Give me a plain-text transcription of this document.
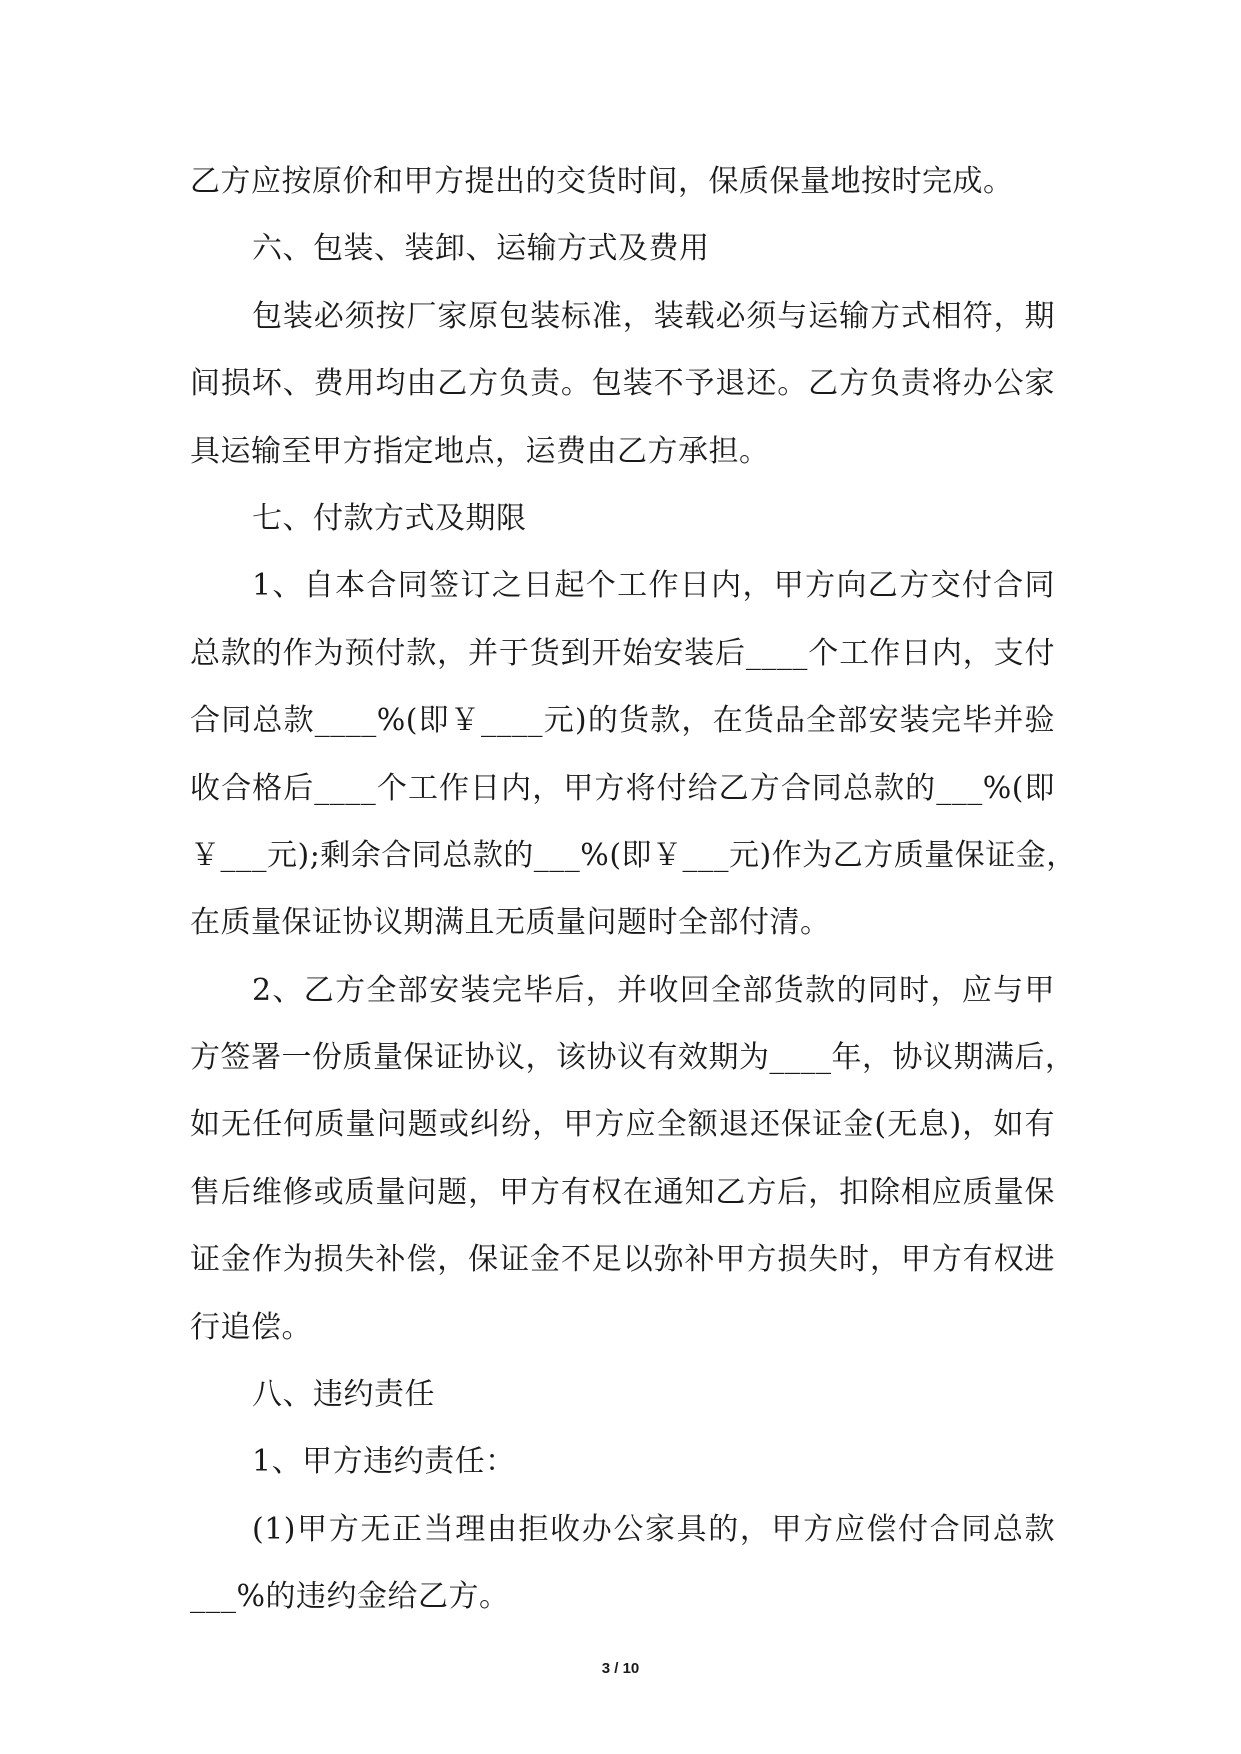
乙方应按原价和甲方提出的交货时间，保质保量地按时完成。
六、包装、装卸、运输方式及费用
包装必须按厂家原包装标准，装载必须与运输方式相符，期
间损坏、费用均由乙方负责。包装不予退还。乙方负责将办公家
具运输至甲方指定地点，运费由乙方承担。
七、付款方式及期限
1、自本合同签订之日起个工作日内，甲方向乙方交付合同
总款的作为预付款，并于货到开始安装后____个工作日内，支付
合同总款____%(即￥____元)的货款，在货品全部安装完毕并验
收合格后____个工作日内，甲方将付给乙方合同总款的___%(即
￥___元);剩余合同总款的___%(即￥___元)作为乙方质量保证金，
在质量保证协议期满且无质量问题时全部付清。
2、乙方全部安装完毕后，并收回全部货款的同时，应与甲
方签署一份质量保证协议，该协议有效期为____年，协议期满后，
如无任何质量问题或纠纷，甲方应全额退还保证金(无息)，如有
售后维修或质量问题，甲方有权在通知乙方后，扣除相应质量保
证金作为损失补偿，保证金不足以弥补甲方损失时，甲方有权进
行追偿。
八、违约责任
1、甲方违约责任：
(1)甲方无正当理由拒收办公家具的，甲方应偿付合同总款
___%的违约金给乙方。
3 / 10
